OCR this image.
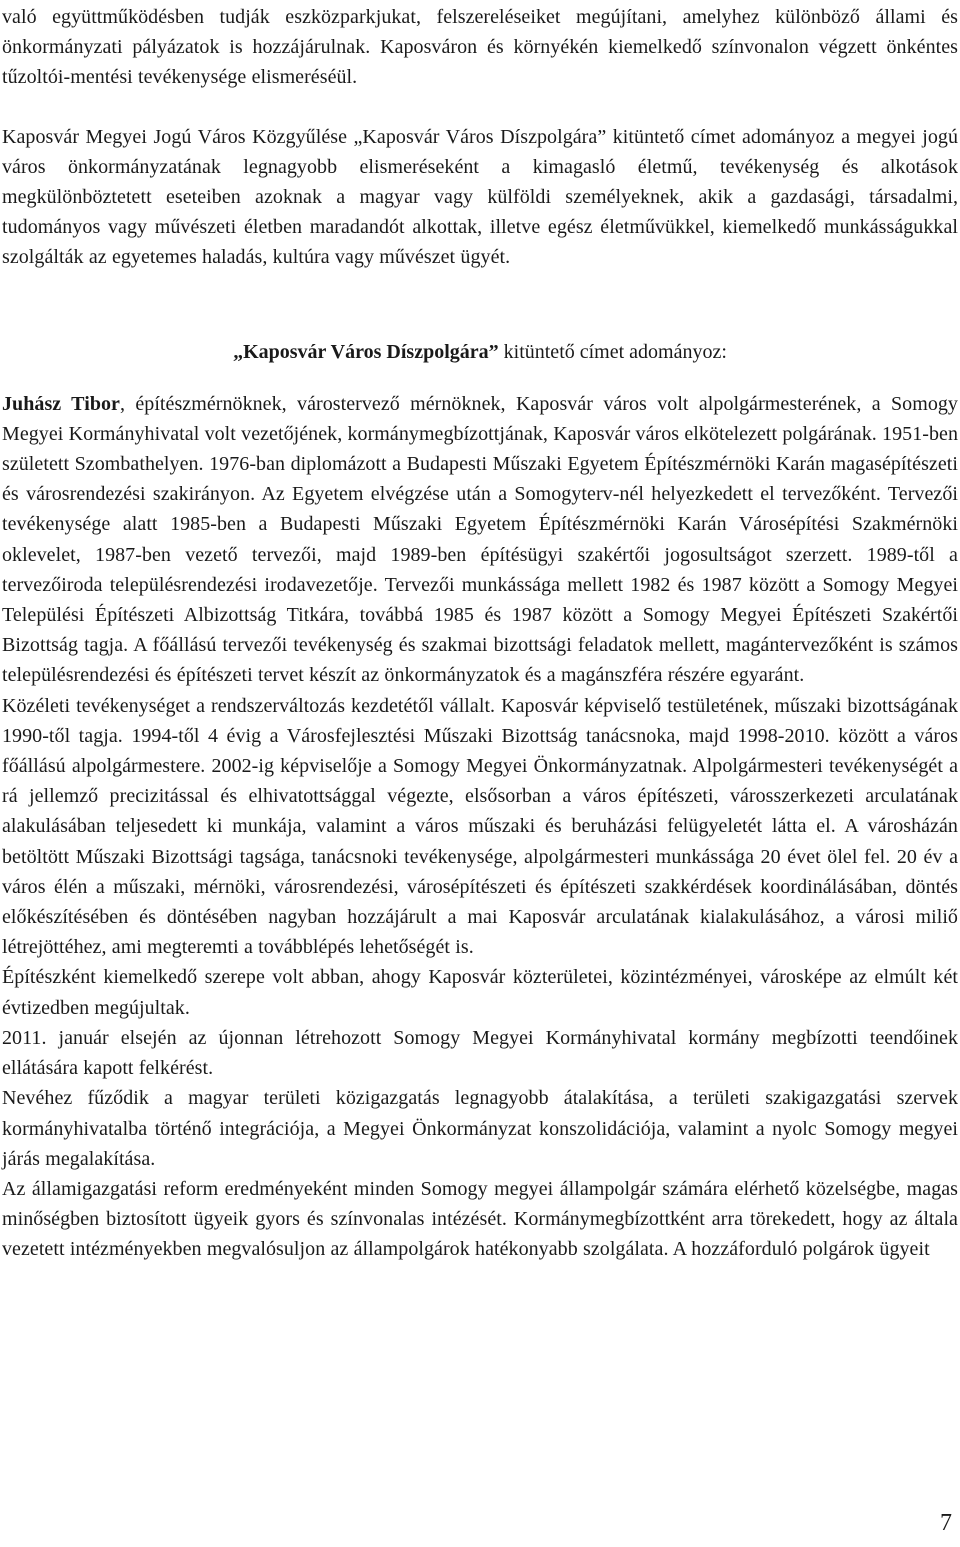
való együttműködésben tudják eszközparkjukat, felszereléseiket megújítani, amelyhez különböző állami és önkormányzati pályázatok is hozzájárulnak. Kaposváron és környékén kiemelkedő színvonalon végzett önkéntes tűzoltói-mentési tevékenysége elismeréséül.

Kaposvár Megyei Jogú Város Közgyűlése „Kaposvár Város Díszpolgára” kitüntető címet adományoz a megyei jogú város önkormányzatának legnagyobb elismeréseként a kimagasló életmű, tevékenység és alkotások megkülönböztetett eseteiben azoknak a magyar vagy külföldi személyeknek, akik a gazdasági, társadalmi, tudományos vagy művészeti életben maradandót alkottak, illetve egész életművükkel, kiemelkedő munkásságukkal szolgálták az egyetemes haladás, kultúra vagy művészet ügyét.

„Kaposvár Város Díszpolgára” kitüntető címet adományoz:

Juhász Tibor, építészmérnöknek, várostervező mérnöknek, Kaposvár város volt alpolgármesterének, a Somogy Megyei Kormányhivatal volt vezetőjének, kormánymegbízottjának, Kaposvár város elkötelezett polgárának. 1951-ben született Szombathelyen. 1976-ban diplomázott a Budapesti Műszaki Egyetem Építészmérnöki Karán magasépítészeti és városrendezési szakirányon. Az Egyetem elvégzése után a Somogyterv-nél helyezkedett el tervezőként. Tervezői tevékenysége alatt 1985-ben a Budapesti Műszaki Egyetem Építészmérnöki Karán Városépítési Szakmérnöki oklevelet, 1987-ben vezető tervezői, majd 1989-ben építésügyi szakértői jogosultságot szerzett. 1989-től a tervezőiroda településrendezési irodavezetője. Tervezői munkássága mellett 1982 és 1987 között a Somogy Megyei Települési Építészeti Albizottság Titkára, továbbá 1985 és 1987 között a Somogy Megyei Építészeti Szakértői Bizottság tagja. A főállású tervezői tevékenység és szakmai bizottsági feladatok mellett, magántervezőként is számos településrendezési és építészeti tervet készít az önkormányzatok és a magánszféra részére egyaránt.

Közéleti tevékenységet a rendszerváltozás kezdetétől vállalt. Kaposvár képviselő testületének, műszaki bizottságának 1990-től tagja. 1994-től 4 évig a Városfejlesztési Műszaki Bizottság tanácsnoka, majd 1998-2010. között a város főállású alpolgármestere. 2002-ig képviselője a Somogy Megyei Önkormányzatnak. Alpolgármesteri tevékenységét a rá jellemző precizitással és elhivatottsággal végezte, elsősorban a város építészeti, városszerkezeti arculatának alakulásában teljesedett ki munkája, valamint a város műszaki és beruházási felügyeletét látta el. A városházán betöltött Műszaki Bizottsági tagsága, tanácsnoki tevékenysége, alpolgármesteri munkássága 20 évet ölel fel. 20 év a város élén a műszaki, mérnöki, városrendezési, városépítészeti és építészeti szakkérdések koordinálásában, döntés előkészítésében és döntésében nagyban hozzájárult a mai Kaposvár arculatának kialakulásához, a városi miliő létrejöttéhez, ami megteremti a továbblépés lehetőségét is.

Építészként kiemelkedő szerepe volt abban, ahogy Kaposvár közterületei, közintézményei, városképe az elmúlt két évtizedben megújultak.

2011. január elsején az újonnan létrehozott Somogy Megyei Kormányhivatal kormány megbízotti teendőinek ellátására kapott felkérést.

Nevéhez fűződik a magyar területi közigazgatás legnagyobb átalakítása, a területi szakigazgatási szervek kormányhivatalba történő integrációja, a Megyei Önkormányzat konszolidációja, valamint a nyolc Somogy megyei járás megalakítása.

Az államigazgatási reform eredményeként minden Somogy megyei állampolgár számára elérhető közelségbe, magas minőségben biztosított ügyeik gyors és színvonalas intézését. Kormánymegbízottként arra törekedett, hogy az általa vezetett intézményekben megvalósuljon az állampolgárok hatékonyabb szolgálata. A hozzáforduló polgárok ügyeit

7
